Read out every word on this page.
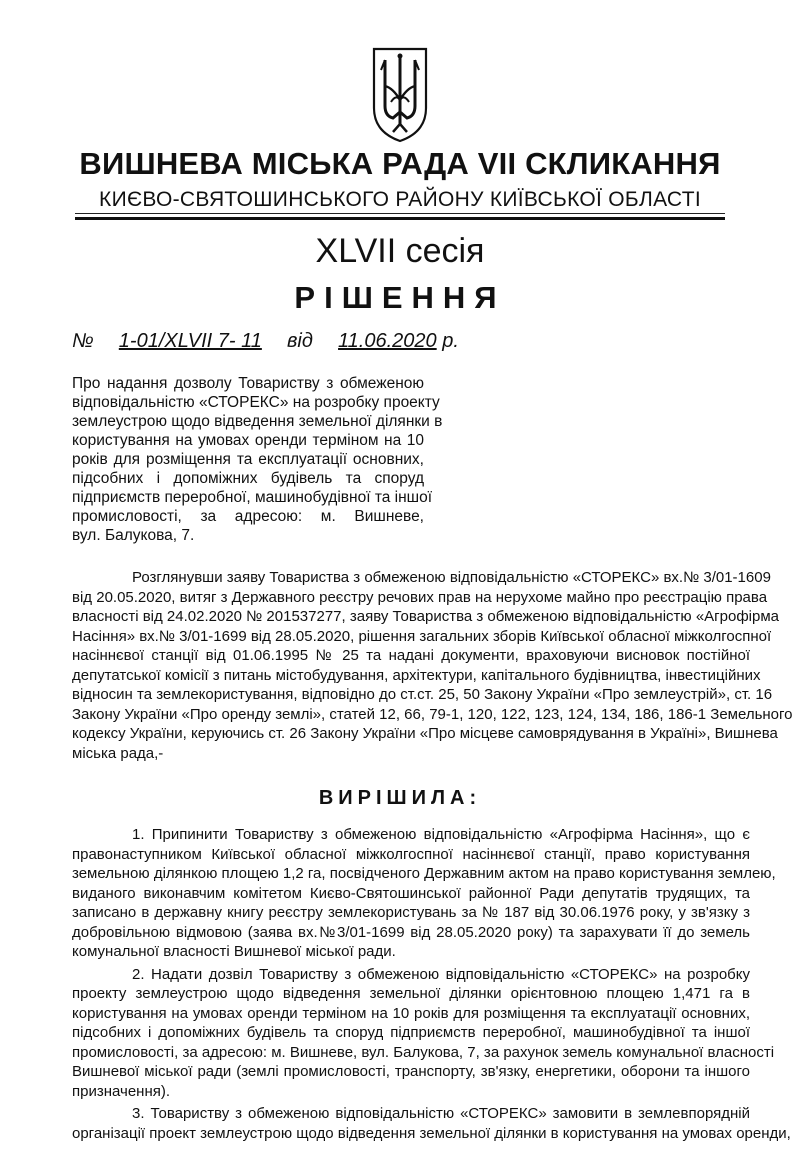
ВИШНЕВА МІСЬКА РАДА VII СКЛИКАННЯ
КИЄВО-СВЯТОШИНСЬКОГО РАЙОНУ КИЇВСЬКОЇ ОБЛАСТІ
XLVII сесія
РІШЕННЯ
№ 1-01/XLVII 7- 11 від 11.06.2020 р.
Про надання дозволу Товариству з обмеженою
відповідальністю «СТОРЕКС» на розробку проекту
землеустрою щодо відведення земельної ділянки в
користування на умовах оренди терміном на 10
років для розміщення та експлуатації основних,
підсобних і допоміжних будівель та споруд
підприємств переробної, машинобудівної та іншої
промисловості, за адресою: м. Вишневе,
вул. Балукова, 7.
Розглянувши заяву Товариства з обмеженою відповідальністю «СТОРЕКС» вх.№ 3/01-1609
від 20.05.2020, витяг з Державного реєстру речових прав на нерухоме майно про реєстрацію права
власності від 24.02.2020 № 201537277, заяву Товариства з обмеженою відповідальністю «Агрофірма
Насіння» вх.№ 3/01-1699 від 28.05.2020, рішення загальних зборів Київської обласної міжколгоспної
насіннєвої станції від 01.06.1995 № 25 та надані документи, враховуючи висновок постійної
депутатської комісії з питань містобудування, архітектури, капітального будівництва, інвестиційних
відносин та землекористування, відповідно до ст.ст. 25, 50 Закону України «Про землеустрій», ст. 16
Закону України «Про оренду землі», статей 12, 66, 79-1, 120, 122, 123, 124, 134, 186, 186-1 Земельного
кодексу України, керуючись ст. 26 Закону України «Про місцеве самоврядування в Україні», Вишнева
міська рада,-
ВИРІШИЛА:
1. Припинити Товариству з обмеженою відповідальністю «Агрофірма Насіння», що є
правонаступником Київської обласної міжколгоспної насіннєвої станції, право користування
земельною ділянкою площею 1,2 га, посвідченого Державним актом на право користування землею,
виданого виконавчим комітетом Києво-Святошинської районної Ради депутатів трудящих, та
записано в державну книгу реєстру землекористувань за № 187 від 30.06.1976 року, у зв'язку з
добровільною відмовою (заява вх.№3/01-1699 від 28.05.2020 року) та зарахувати її до земель
комунальної власності Вишневої міської ради.
2. Надати дозвіл Товариству з обмеженою відповідальністю «СТОРЕКС» на розробку
проекту землеустрою щодо відведення земельної ділянки орієнтовною площею 1,471 га в
користування на умовах оренди терміном на 10 років для розміщення та експлуатації основних,
підсобних і допоміжних будівель та споруд підприємств переробної, машинобудівної та іншої
промисловості, за адресою: м. Вишневе, вул. Балукова, 7, за рахунок земель комунальної власності
Вишневої міської ради (землі промисловості, транспорту, зв'язку, енергетики, оборони та іншого
призначення).
3. Товариству з обмеженою відповідальністю «СТОРЕКС» замовити в землевпорядній
організації проект землеустрою щодо відведення земельної ділянки в користування на умовах оренди,
